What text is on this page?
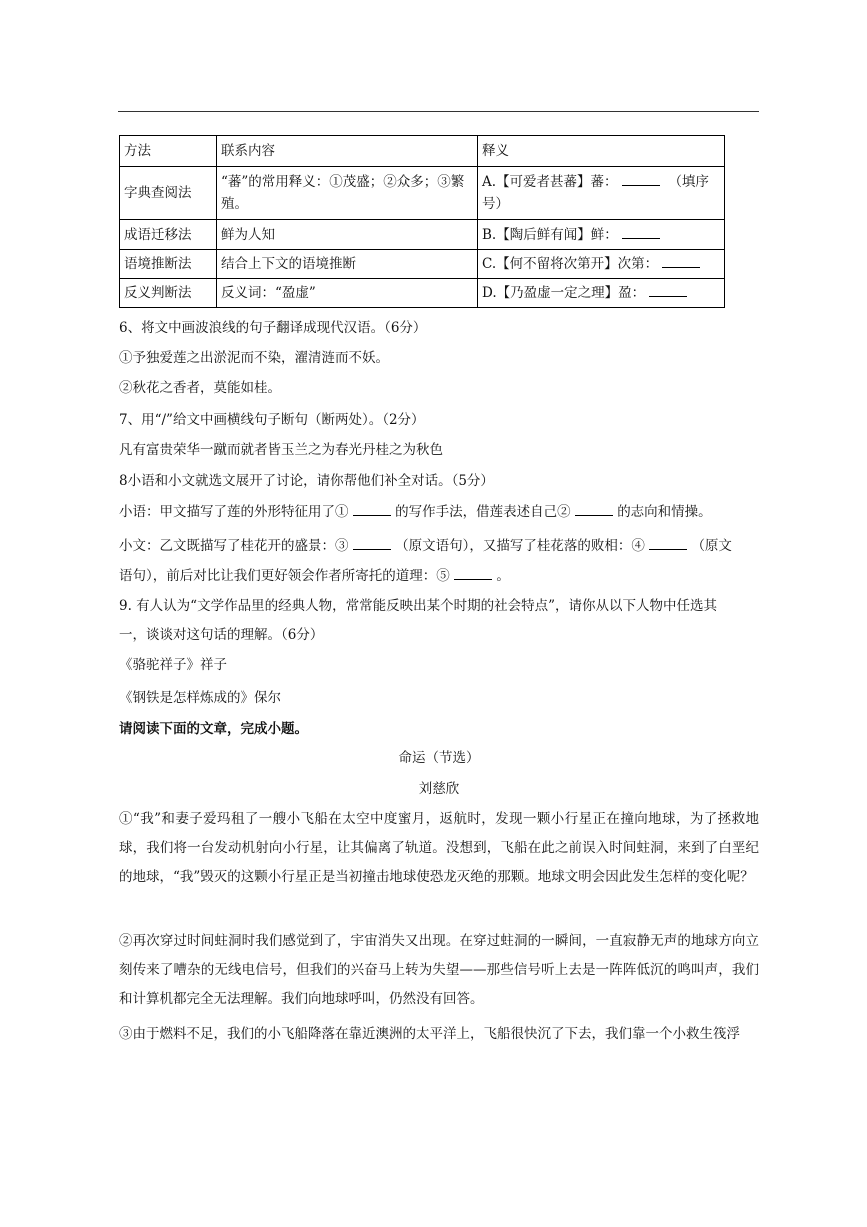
方法	联系内容	释义
字典查阅法	“蕃”的常用释义：①茂盛；②众多；③繁殖。	A.【可爱者甚蕃】蕃： （填序号）
成语迁移法	鲜为人知	B.【陶后鲜有闻】鲜：
语境推断法	结合上下文的语境推断	C.【何不留将次第开】次第：
反义判断法	反义词：“盈虚”	D.【乃盈虚一定之理】盈：
6、将文中画波浪线的句子翻译成现代汉语。（6分）
①予独爱莲之出淤泥而不染，濯清涟而不妖。
②秋花之香者，莫能如桂。
7、用“/”给文中画横线句子断句（断两处）。（2分）
凡有富贵荣华一蹴而就者皆玉兰之为春光丹桂之为秋色
8小语和小文就选文展开了讨论，请你帮他们补全对话。（5分）
小语：甲文描写了莲的外形特征用了①	的写作手法，借莲表述自己②	的志向和情操。
小文：乙文既描写了桂花开的盛景：③	（原文语句），又描写了桂花落的败相：④	（原文
语句），前后对比让我们更好领会作者所寄托的道理：⑤	。
9. 有人认为“文学作品里的经典人物，常常能反映出某个时期的社会特点”，请你从以下人物中任选其
一，谈谈对这句话的理解。（6分）
《骆驼祥子》祥子
《钢铁是怎样炼成的》保尔
请阅读下面的文章，完成小题。
命运（节选）
刘慈欣
①“我”和妻子爱玛租了一艘小飞船在太空中度蜜月，返航时，发现一颗小行星正在撞向地球，为了拯救地球，我们将一台发动机射向小行星，让其偏离了轨道。没想到，飞船在此之前误入时间蛀洞，来到了白垩纪的地球，“我”毁灭的这颗小行星正是当初撞击地球使恐龙灭绝的那颗。地球文明会因此发生怎样的变化呢？
②再次穿过时间蛀洞时我们感觉到了，宇宙消失又出现。在穿过蛀洞的一瞬间，一直寂静无声的地球方向立刻传来了嘈杂的无线电信号，但我们的兴奋马上转为失望——那些信号听上去是一阵阵低沉的鸣叫声，我们和计算机都完全无法理解。我们向地球呼叫，仍然没有回答。
③由于燃料不足，我们的小飞船降落在靠近澳洲的太平洋上，飞船很快沉了下去，我们靠一个小救生筏浮
